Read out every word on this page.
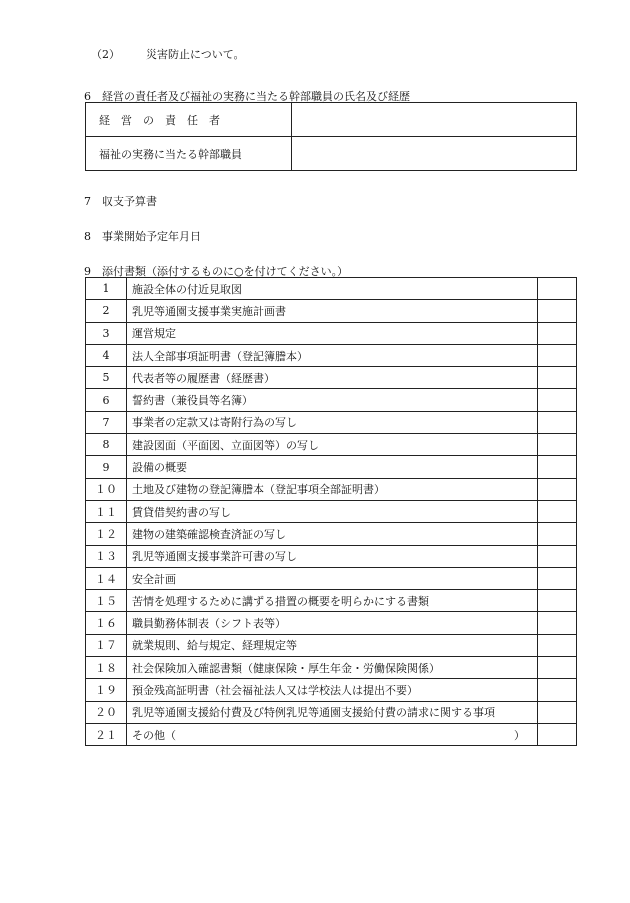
（2） 災害防止について。
6 経営の責任者及び福祉の実務に当たる幹部職員の氏名及び経歴
経　営　の　責　任　者	
福祉の実務に当たる幹部職員	
7 収支予算書
8 事業開始予定年月日
9 添付書類（添付するものに○を付けてください。）
1	施設全体の付近見取図	
2	乳児等通園支援事業実施計画書	
3	運営規定	
4	法人全部事項証明書（登記簿謄本）	
5	代表者等の履歴書（経歴書）	
6	誓約書（兼役員等名簿）	
7	事業者の定款又は寄附行為の写し	
8	建設図面（平面図、立面図等）の写し	
9	設備の概要	
１０	土地及び建物の登記簿謄本（登記事項全部証明書）	
１１	賃貸借契約書の写し	
１２	建物の建築確認検査済証の写し	
１３	乳児等通園支援事業許可書の写し	
１４	安全計画	
１５	苦情を処理するために講ずる措置の概要を明らかにする書類	
１６	職員勤務体制表（シフト表等）	
１７	就業規則、給与規定、経理規定等	
１８	社会保険加入確認書類（健康保険・厚生年金・労働保険関係）	
１９	預金残高証明書（社会福祉法人又は学校法人は提出不要）	
２０	乳児等通園支援給付費及び特例乳児等通園支援給付費の請求に関する事項	
２１	その他（ ）	
